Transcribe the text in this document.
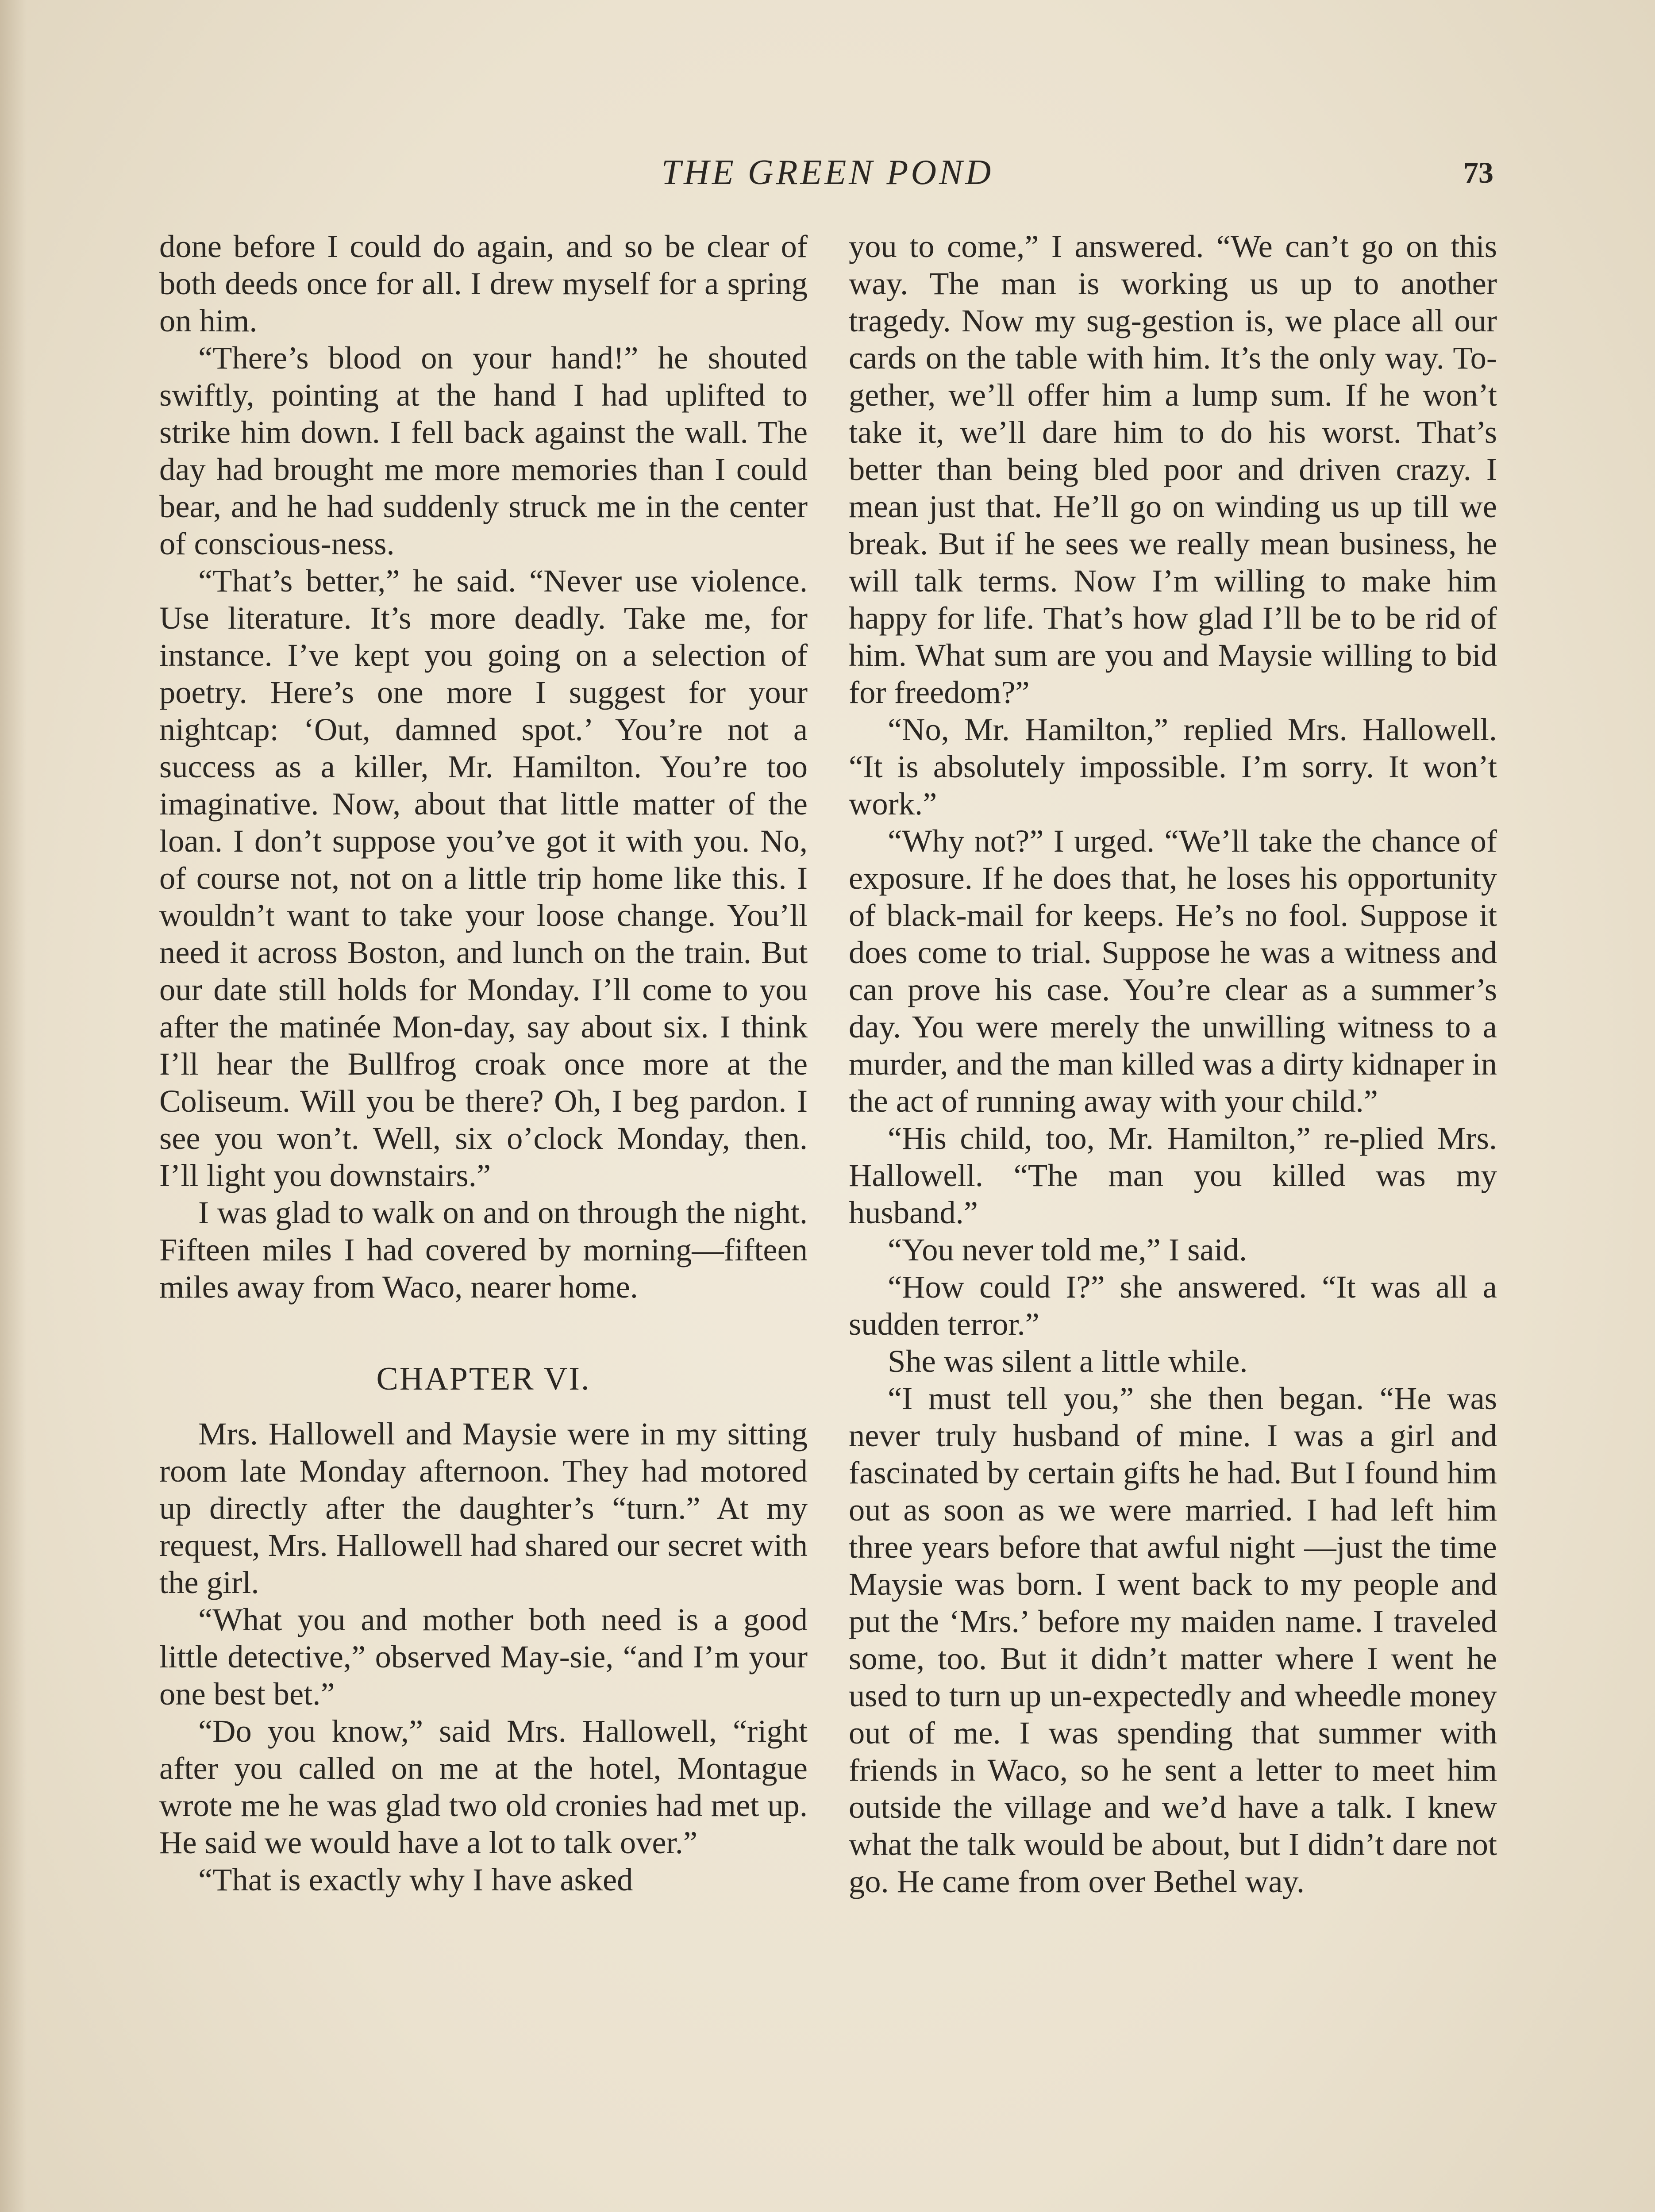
THE GREEN POND	73

done before I could do again, and so be clear of both deeds once for all. I drew myself for a spring on him.

“There’s blood on your hand!” he shouted swiftly, pointing at the hand I had uplifted to strike him down. I fell back against the wall. The day had brought me more memories than I could bear, and he had suddenly struck me in the center of conscious-ness.

“That’s better,” he said. “Never use violence. Use literature. It’s more deadly. Take me, for instance. I’ve kept you going on a selection of poetry. Here’s one more I suggest for your nightcap: ‘Out, damned spot.’ You’re not a success as a killer, Mr. Hamilton. You’re too imaginative. Now, about that little matter of the loan. I don’t suppose you’ve got it with you. No, of course not, not on a little trip home like this. I wouldn’t want to take your loose change. You’ll need it across Boston, and lunch on the train. But our date still holds for Monday. I’ll come to you after the matinée Mon-day, say about six. I think I’ll hear the Bullfrog croak once more at the Coliseum. Will you be there? Oh, I beg pardon. I see you won’t. Well, six o’clock Monday, then. I’ll light you downstairs.”

I was glad to walk on and on through the night. Fifteen miles I had covered by morning—fifteen miles away from Waco, nearer home.

CHAPTER VI.

Mrs. Hallowell and Maysie were in my sitting room late Monday afternoon. They had motored up directly after the daughter’s “turn.” At my request, Mrs. Hallowell had shared our secret with the girl.

“What you and mother both need is a good little detective,” observed May-sie, “and I’m your one best bet.”

“Do you know,” said Mrs. Hallowell, “right after you called on me at the hotel, Montague wrote me he was glad two old cronies had met up. He said we would have a lot to talk over.”

“That is exactly why I have asked

you to come,” I answered. “We can’t go on this way. The man is working us up to another tragedy. Now my sug-gestion is, we place all our cards on the table with him. It’s the only way. To-gether, we’ll offer him a lump sum. If he won’t take it, we’ll dare him to do his worst. That’s better than being bled poor and driven crazy. I mean just that. He’ll go on winding us up till we break. But if he sees we really mean business, he will talk terms. Now I’m willing to make him happy for life. That’s how glad I’ll be to be rid of him. What sum are you and Maysie willing to bid for freedom?”

“No, Mr. Hamilton,” replied Mrs. Hallowell. “It is absolutely impossible. I’m sorry. It won’t work.”

“Why not?” I urged. “We’ll take the chance of exposure. If he does that, he loses his opportunity of black-mail for keeps. He’s no fool. Suppose it does come to trial. Suppose he was a witness and can prove his case. You’re clear as a summer’s day. You were merely the unwilling witness to a murder, and the man killed was a dirty kidnaper in the act of running away with your child.”

“His child, too, Mr. Hamilton,” re-plied Mrs. Hallowell. “The man you killed was my husband.”

“You never told me,” I said.

“How could I?” she answered. “It was all a sudden terror.”

She was silent a little while.

“I must tell you,” she then began. “He was never truly husband of mine. I was a girl and fascinated by certain gifts he had. But I found him out as soon as we were married. I had left him three years before that awful night —just the time Maysie was born. I went back to my people and put the ‘Mrs.’ before my maiden name. I traveled some, too. But it didn’t matter where I went he used to turn up un-expectedly and wheedle money out of me. I was spending that summer with friends in Waco, so he sent a letter to meet him outside the village and we’d have a talk. I knew what the talk would be about, but I didn’t dare not go. He came from over Bethel way.
